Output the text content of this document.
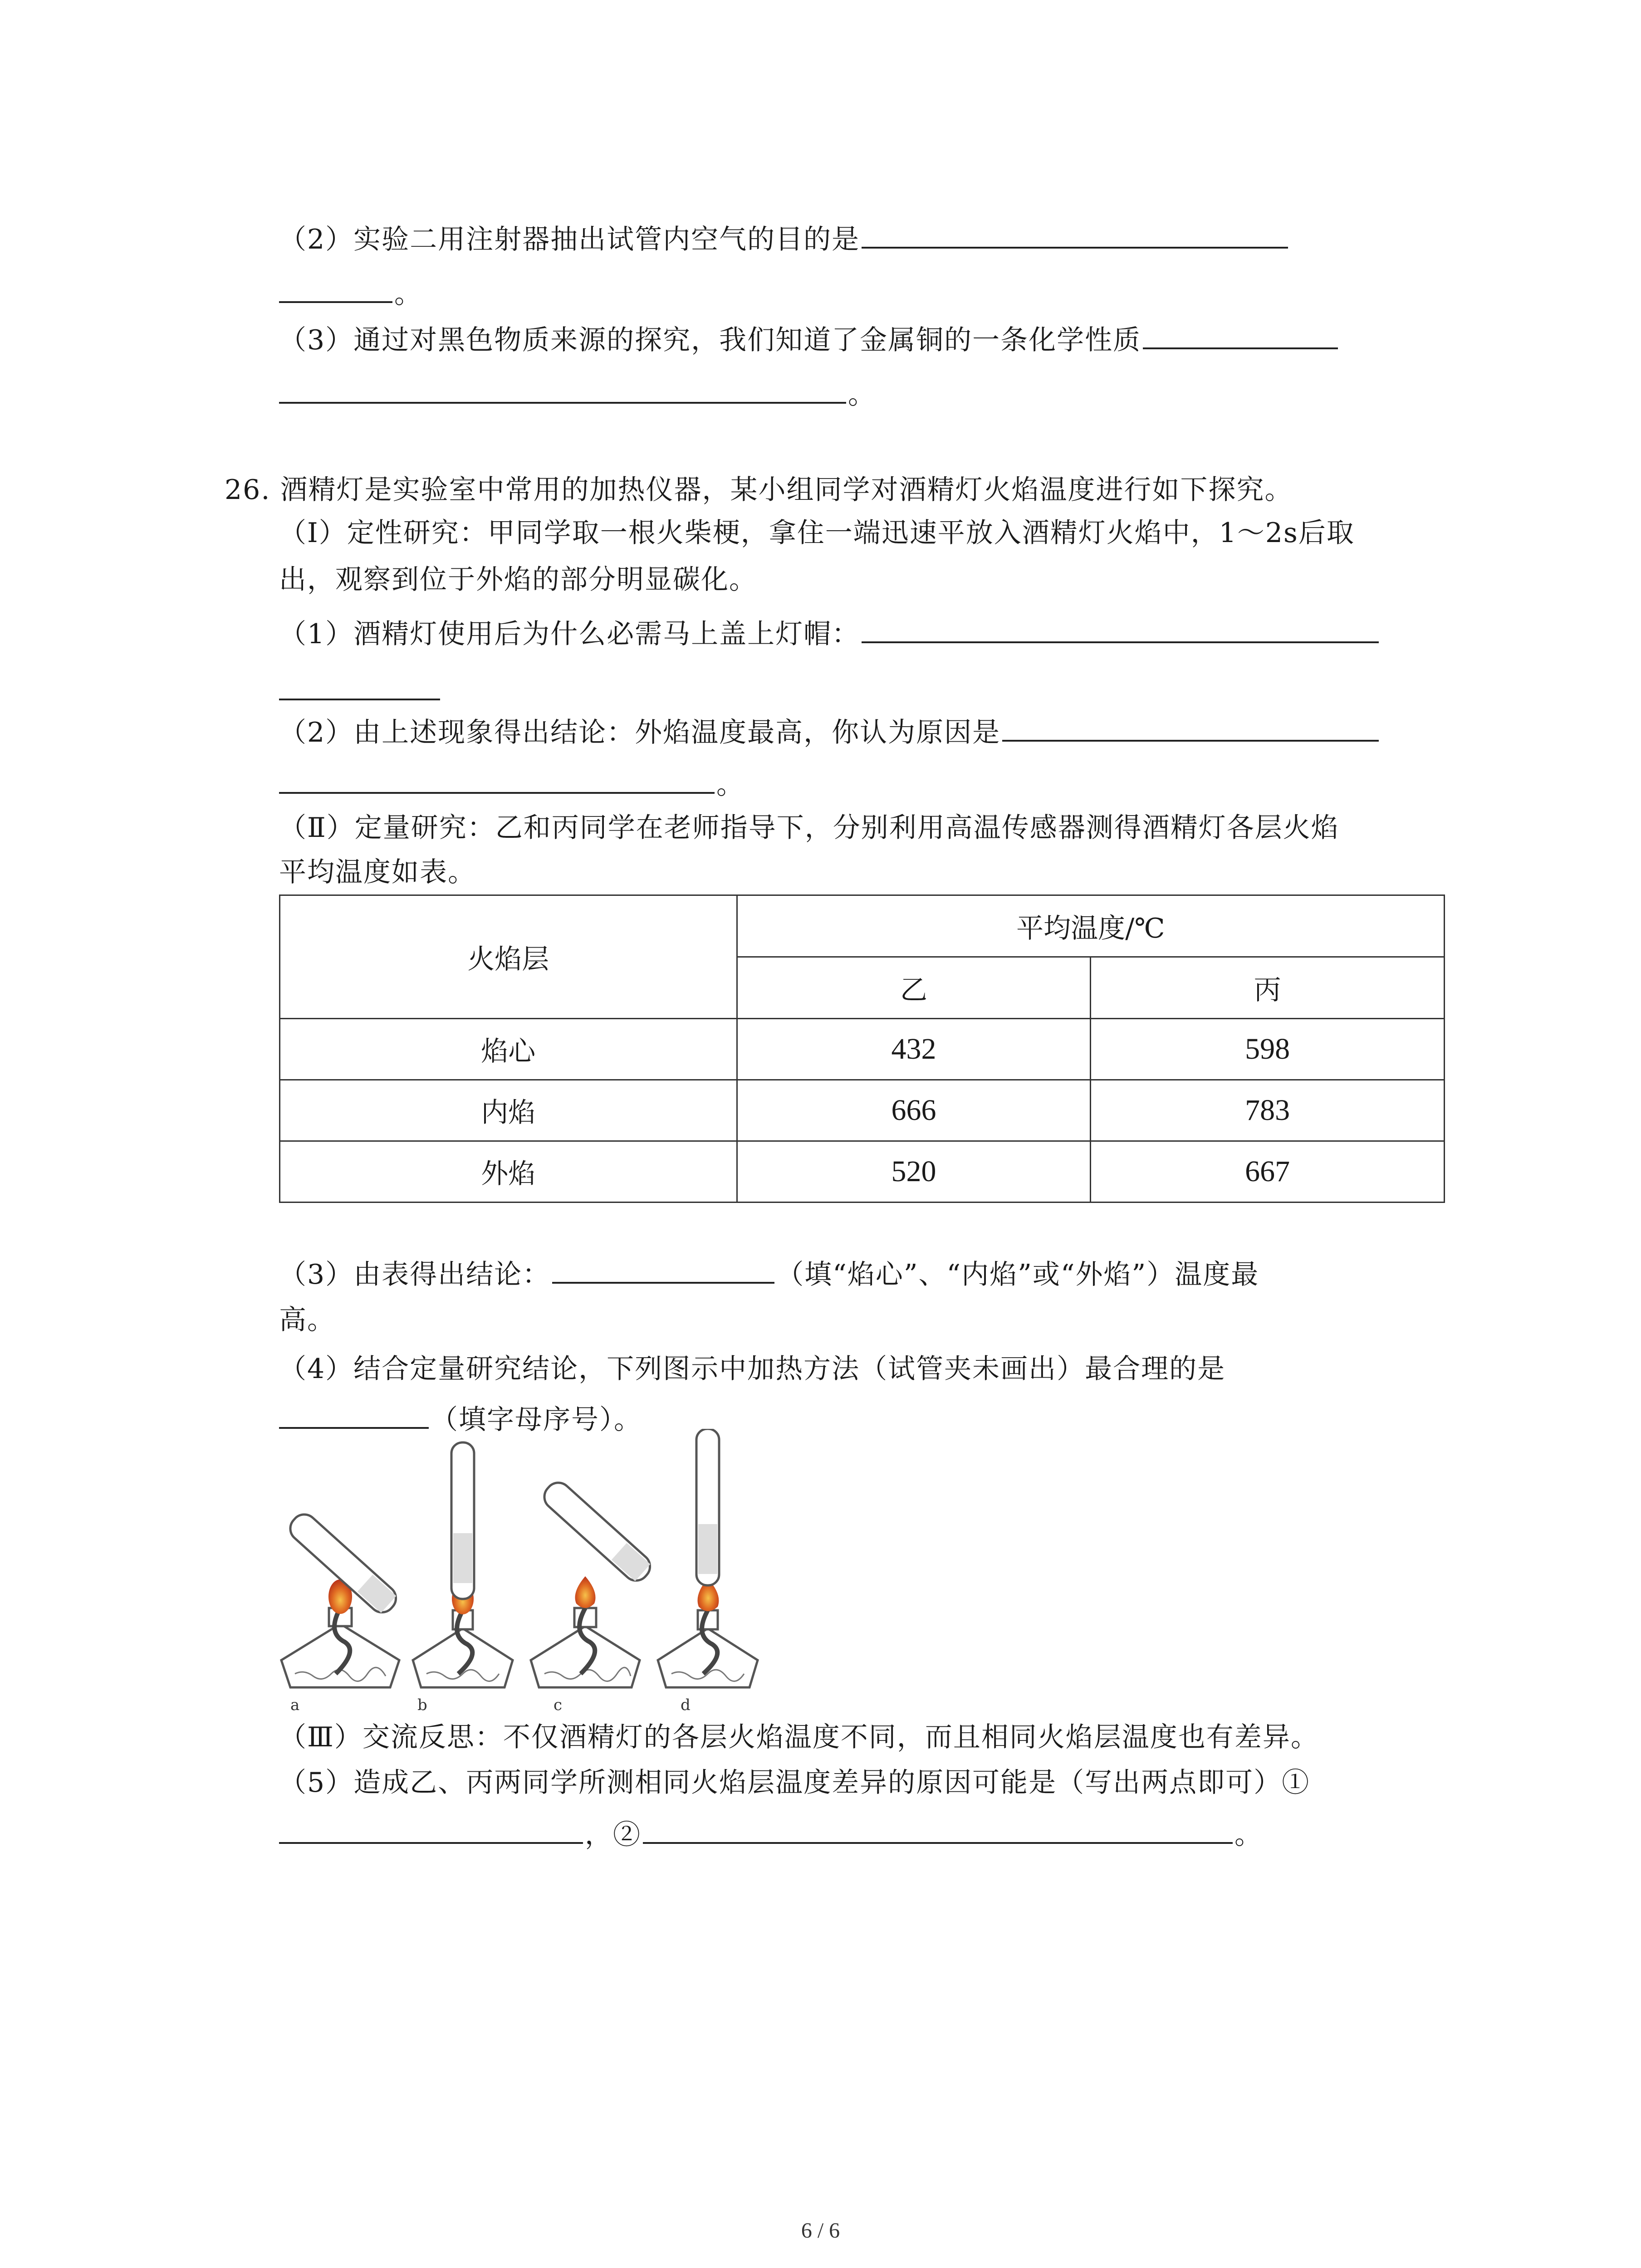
（2）实验二用注射器抽出试管内空气的目的是
。
（3）通过对黑色物质来源的探究，我们知道了金属铜的一条化学性质
。
26. 酒精灯是实验室中常用的加热仪器，某小组同学对酒精灯火焰温度进行如下探究。
（I）定性研究：甲同学取一根火柴梗，拿住一端迅速平放入酒精灯火焰中，1～2s后取
出，观察到位于外焰的部分明显碳化。
（1）酒精灯使用后为什么必需马上盖上灯帽：
（2）由上述现象得出结论：外焰温度最高，你认为原因是
。
（Ⅱ）定量研究：乙和丙同学在老师指导下，分别利用高温传感器测得酒精灯各层火焰
平均温度如表。
火焰层	平均温度/℃	
	乙	丙
焰心	432	598
内焰	666	783
外焰	520	667
（3）由表得出结论：	（填“焰心”、“内焰”或“外焰”）温度最
高。
（4）结合定量研究结论，下列图示中加热方法（试管夹未画出）最合理的是
（填字母序号）。
a	b	c	d
（Ⅲ）交流反思：不仅酒精灯的各层火焰温度不同，而且相同火焰层温度也有差异。
（5）造成乙、丙两同学所测相同火焰层温度差异的原因可能是（写出两点即可）①
，②	。
6 / 6
